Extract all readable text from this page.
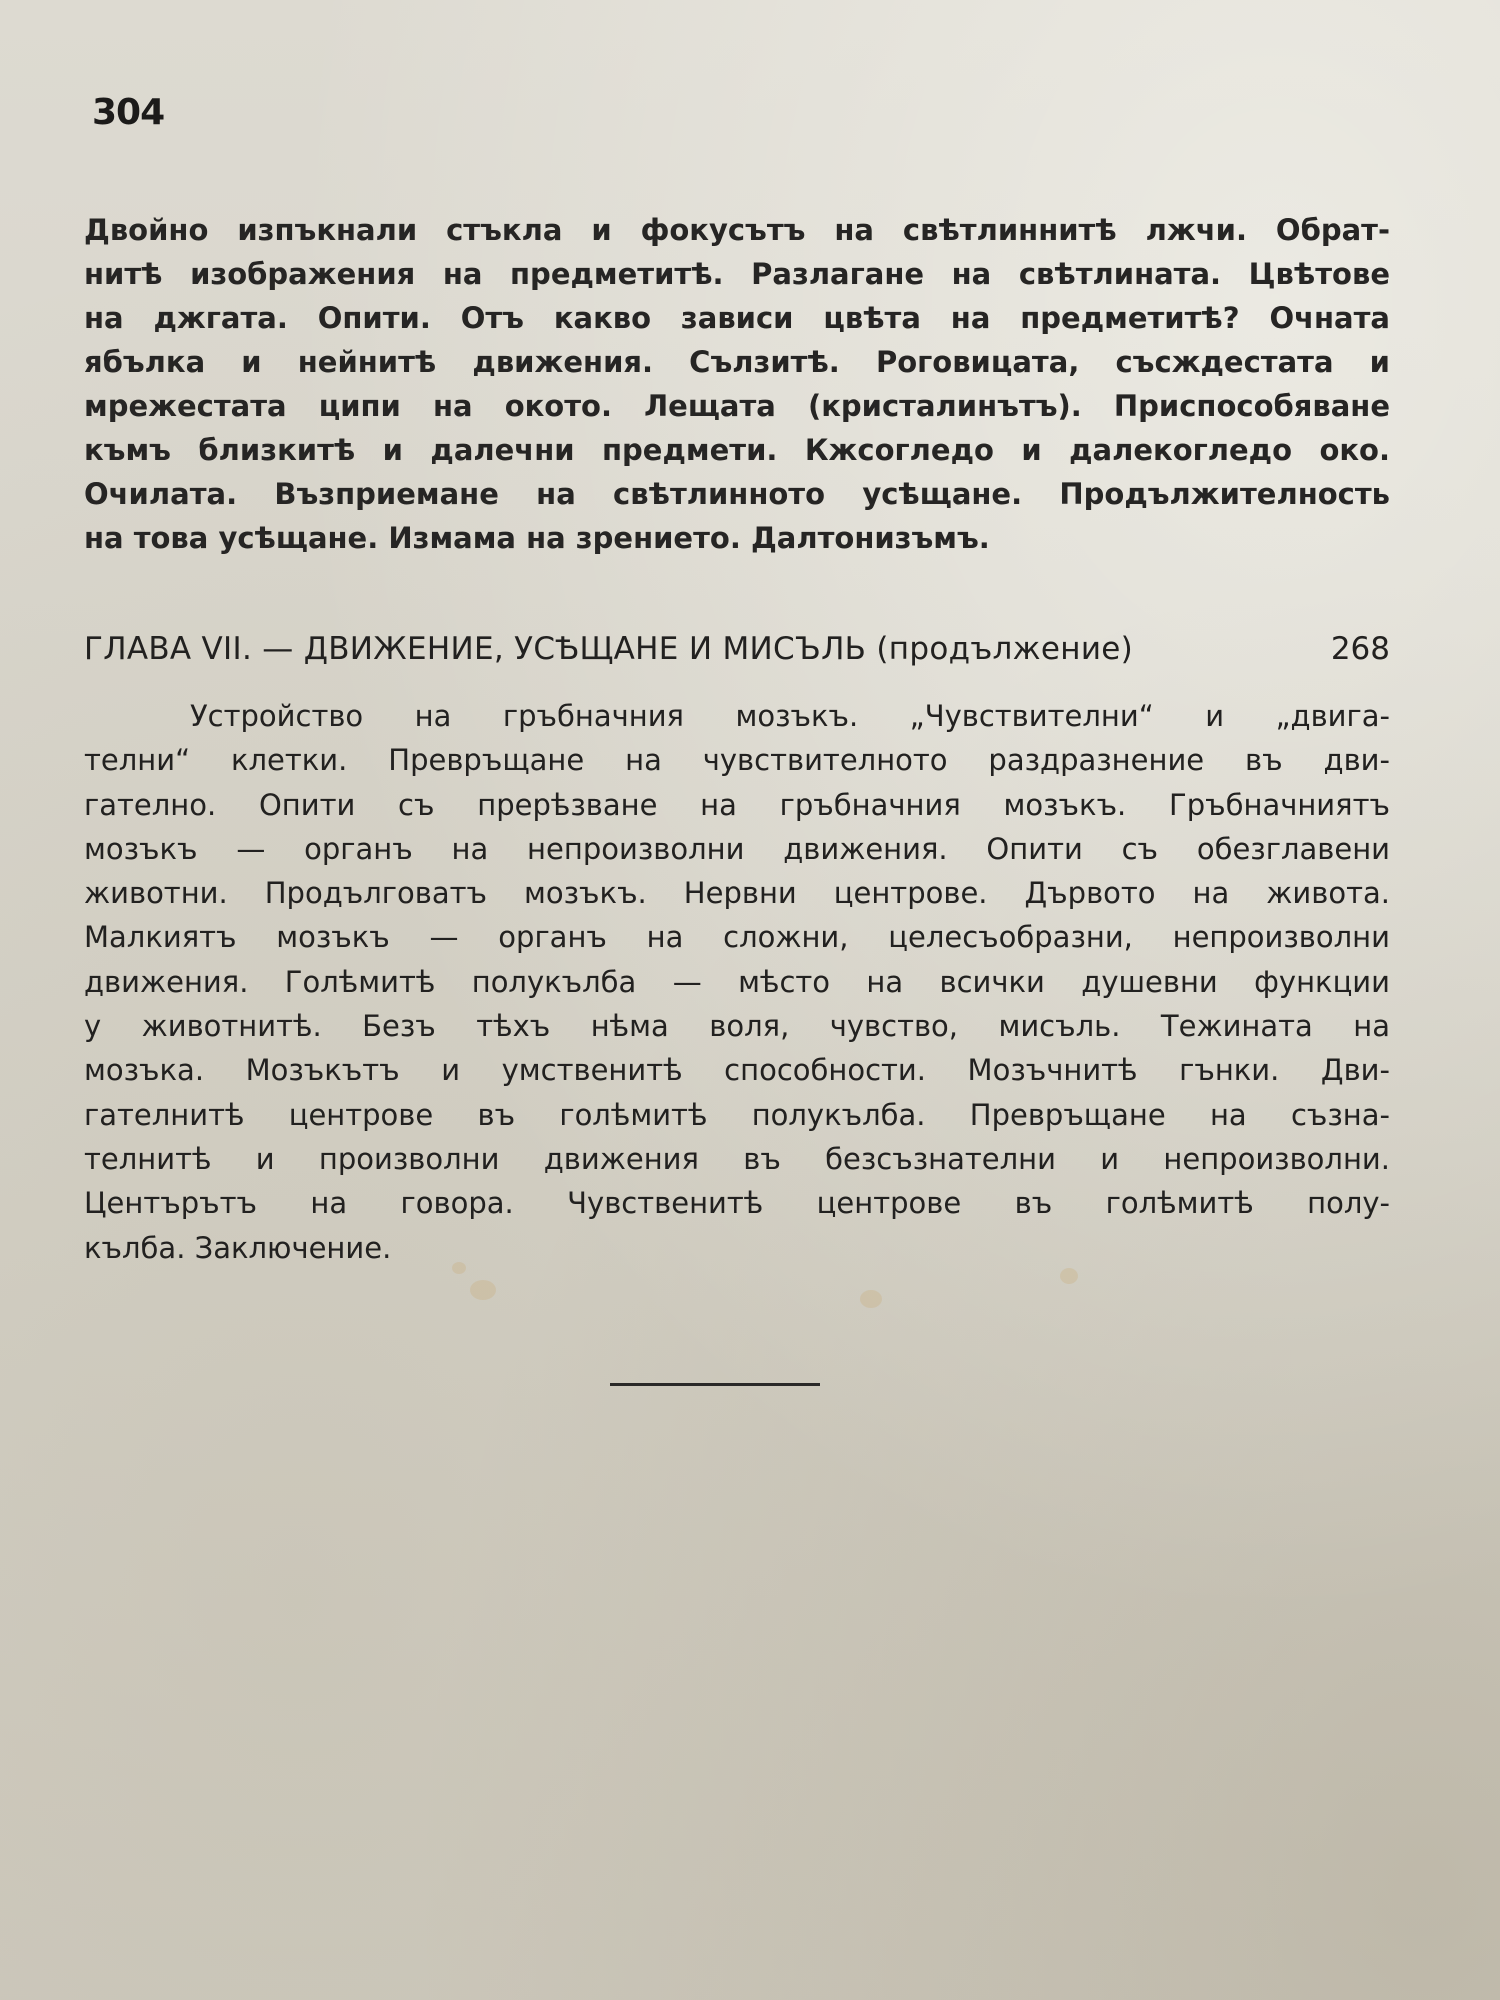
304
Двойно изпъкнали стъкла и фокусътъ на свѣтлиннитѣ лжчи. Обрат-
нитѣ изображения на предметитѣ. Разлагане на свѣтлината. Цвѣтове
на джгата. Опити. Отъ какво зависи цвѣта на предметитѣ? Очната
ябълка и нейнитѣ движения. Сълзитѣ. Роговицата, съсждестата и
мрежестата ципи на окото. Лещата (кристалинътъ). Приспособяване
къмъ близкитѣ и далечни предмети. Кжсогледо и далекогледо око.
Очилата. Възприемане на свѣтлинното усѣщане. Продължителность
на това усѣщане. Измама на зрението. Далтонизъмъ.
ГЛАВА VII. — ДВИЖЕНИЕ, УСѢЩАНЕ И МИСЪЛЬ (продължение)	268
Устройство на гръбначния мозъкъ. „Чувствителни“ и „двига-
телни“ клетки. Превръщане на чувствителното раздразнение въ дви-
гателно. Опити съ прерѣзване на гръбначния мозъкъ. Гръбначниятъ
мозъкъ — органъ на непроизволни движения. Опити съ обезглавени
животни. Продълговатъ мозъкъ. Нервни центрове. Дървото на живота.
Малкиятъ мозъкъ — органъ на сложни, целесъобразни, непроизволни
движения. Голѣмитѣ полукълба — мѣсто на всички душевни функции
у животнитѣ. Безъ тѣхъ нѣма воля, чувство, мисъль. Тежината на
мозъка. Мозъкътъ и умственитѣ способности. Мозъчнитѣ гънки. Дви-
гателнитѣ центрове въ голѣмитѣ полукълба. Превръщане на съзна-
телнитѣ и произволни движения въ безсъзнателни и непроизволни.
Центърътъ на говора. Чувственитѣ центрове въ голѣмитѣ полу-
кълба. Заключение.
